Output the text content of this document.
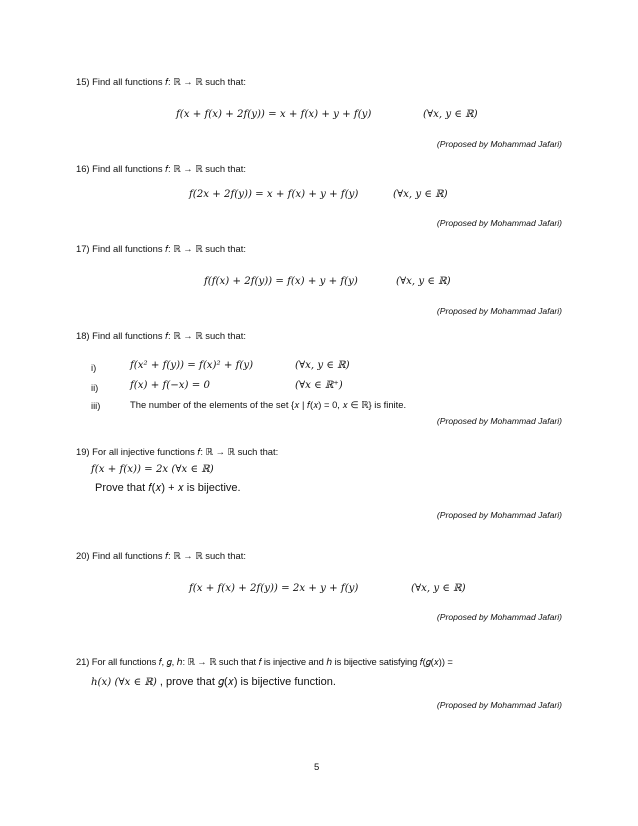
15) Find all functions 𝑓: ℝ → ℝ such that:
𝑓(𝑥 + 𝑓(𝑥) + 2𝑓(𝑦)) = 𝑥 + 𝑓(𝑥) + 𝑦 + 𝑓(𝑦)	(∀𝑥, 𝑦 ∈ ℝ)
(Proposed by Mohammad Jafari)
16) Find all functions 𝑓: ℝ → ℝ such that:
𝑓(2𝑥 + 2𝑓(𝑦)) = 𝑥 + 𝑓(𝑥) + 𝑦 + 𝑓(𝑦)	(∀𝑥, 𝑦 ∈ ℝ)
(Proposed by Mohammad Jafari)
17) Find all functions 𝑓: ℝ → ℝ such that:
𝑓(𝑓(𝑥) + 2𝑓(𝑦)) = 𝑓(𝑥) + 𝑦 + 𝑓(𝑦)	(∀𝑥, 𝑦 ∈ ℝ)
(Proposed by Mohammad Jafari)
18) Find all functions 𝑓: ℝ → ℝ such that:
i)	𝑓(𝑥² + 𝑓(𝑦)) = 𝑓(𝑥)² + 𝑓(𝑦)	(∀𝑥, 𝑦 ∈ ℝ)
ii)	𝑓(𝑥) + 𝑓(−𝑥) = 0	(∀𝑥 ∈ ℝ⁺)
iii)	The number of the elements of the set {𝑥 | 𝑓(𝑥) = 0, 𝑥 ∈ ℝ} is finite.
(Proposed by Mohammad Jafari)
19) For all injective functions 𝑓: ℝ → ℝ such that:
𝑓(𝑥 + 𝑓(𝑥)) = 2𝑥 (∀𝑥 ∈ ℝ)
Prove that 𝑓(𝑥) + 𝑥 is bijective.
(Proposed by Mohammad Jafari)
20) Find all functions 𝑓: ℝ → ℝ such that:
𝑓(𝑥 + 𝑓(𝑥) + 2𝑓(𝑦)) = 2𝑥 + 𝑦 + 𝑓(𝑦)	(∀𝑥, 𝑦 ∈ ℝ)
(Proposed by Mohammad Jafari)
21) For all functions 𝑓, 𝑔, ℎ: ℝ → ℝ such that 𝑓 is injective and ℎ is bijective satisfying 𝑓(𝑔(𝑥)) =
ℎ(𝑥) (∀𝑥 ∈ ℝ) , prove that 𝑔(𝑥) is bijective function.
(Proposed by Mohammad Jafari)
5
